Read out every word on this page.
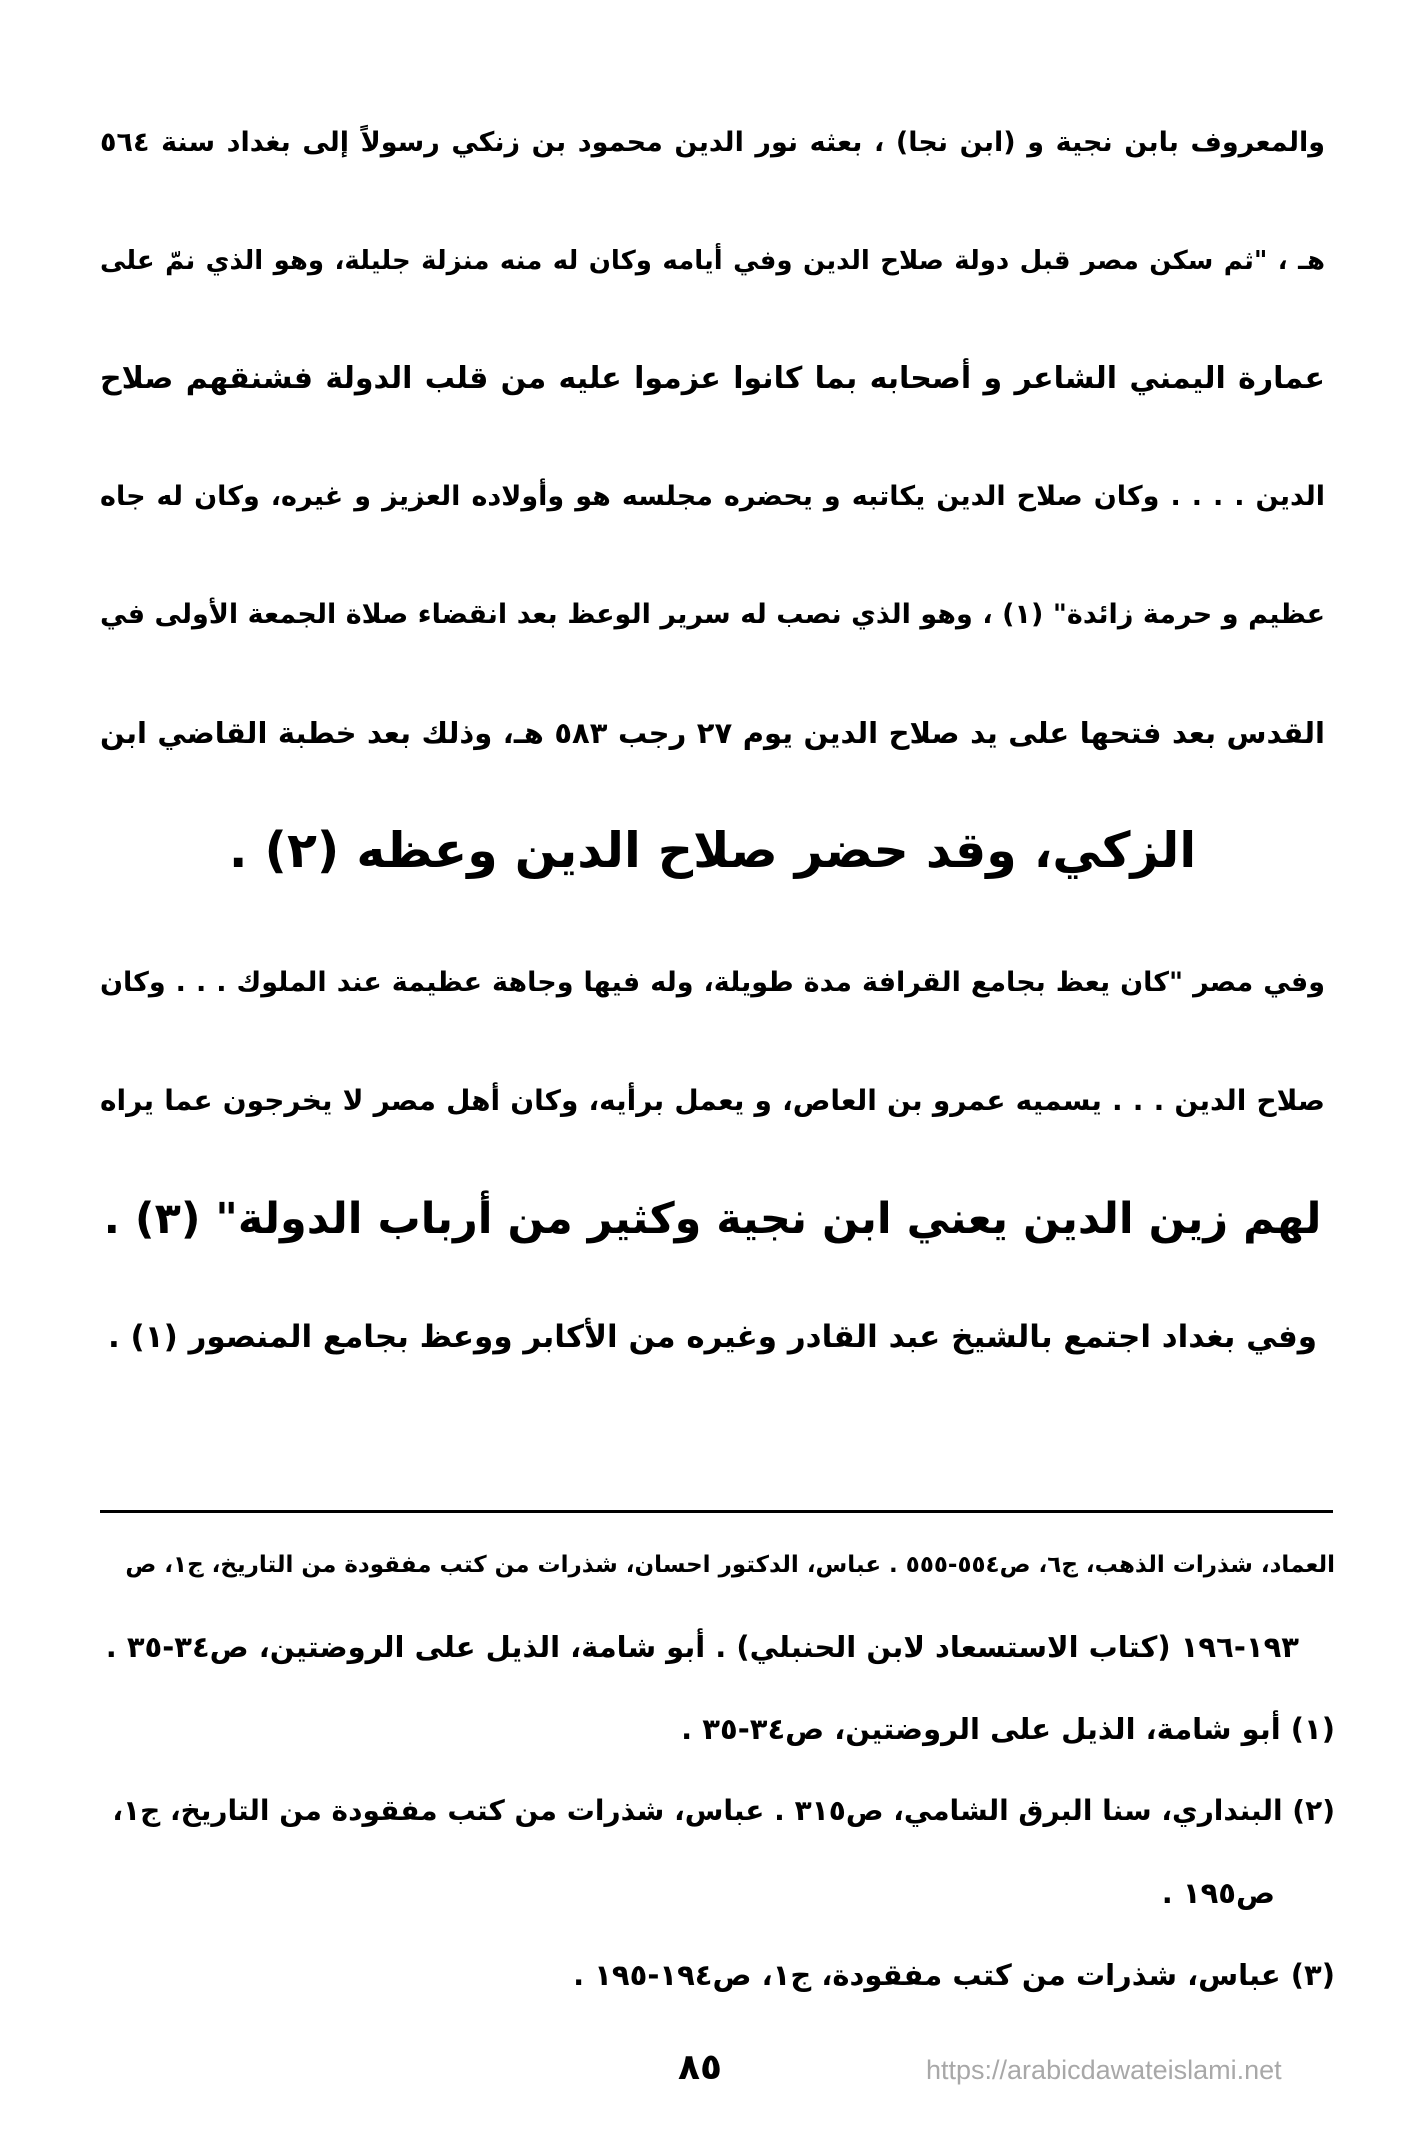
والمعروف بابن نجية و (ابن نجا) ، بعثه نور الدين محمود بن زنكي رسولاً إلى بغداد سنة ٥٦٤
هـ ، "ثم سكن مصر قبل دولة صلاح الدين وفي أيامه وكان له منه منزلة جليلة، وهو الذي نمّ على
عمارة اليمني الشاعر و أصحابه بما كانوا عزموا عليه من قلب الدولة فشنقهم صلاح
الدين . . . . وكان صلاح الدين يكاتبه و يحضره مجلسه هو وأولاده العزيز و غيره، وكان له جاه
عظيم و حرمة زائدة" (١) ، وهو الذي نصب له سرير الوعظ بعد انقضاء صلاة الجمعة الأولى في
القدس بعد فتحها على يد صلاح الدين يوم ٢٧ رجب ٥٨٣ هـ، وذلك بعد خطبة القاضي ابن
الزكي، وقد حضر صلاح الدين وعظه (٢) .
وفي مصر "كان يعظ بجامع القرافة مدة طويلة، وله فيها وجاهة عظيمة عند الملوك . . . وكان
صلاح الدين . . . يسميه عمرو بن العاص، و يعمل برأيه، وكان أهل مصر لا يخرجون عما يراه
لهم زين الدين يعني ابن نجية وكثير من أرباب الدولة" (٣) .
وفي بغداد اجتمع بالشيخ عبد القادر وغيره من الأكابر ووعظ بجامع المنصور (١) .
العماد، شذرات الذهب، ج٦، ص٥٥٤-٥٥٥ . عباس، الدكتور احسان، شذرات من كتب مفقودة من التاريخ، ج١، ص
١٩٣-١٩٦ (كتاب الاستسعاد لابن الحنبلي) . أبو شامة، الذيل على الروضتين، ص٣٤-٣٥ .
(١) أبو شامة، الذيل على الروضتين، ص٣٤-٣٥ .
(٢) البنداري، سنا البرق الشامي، ص٣١٥ . عباس، شذرات من كتب مفقودة من التاريخ، ج١،
ص١٩٥ .
(٣) عباس، شذرات من كتب مفقودة، ج١، ص١٩٤-١٩٥ .
٨٥	https://arabicdawateislami.net
